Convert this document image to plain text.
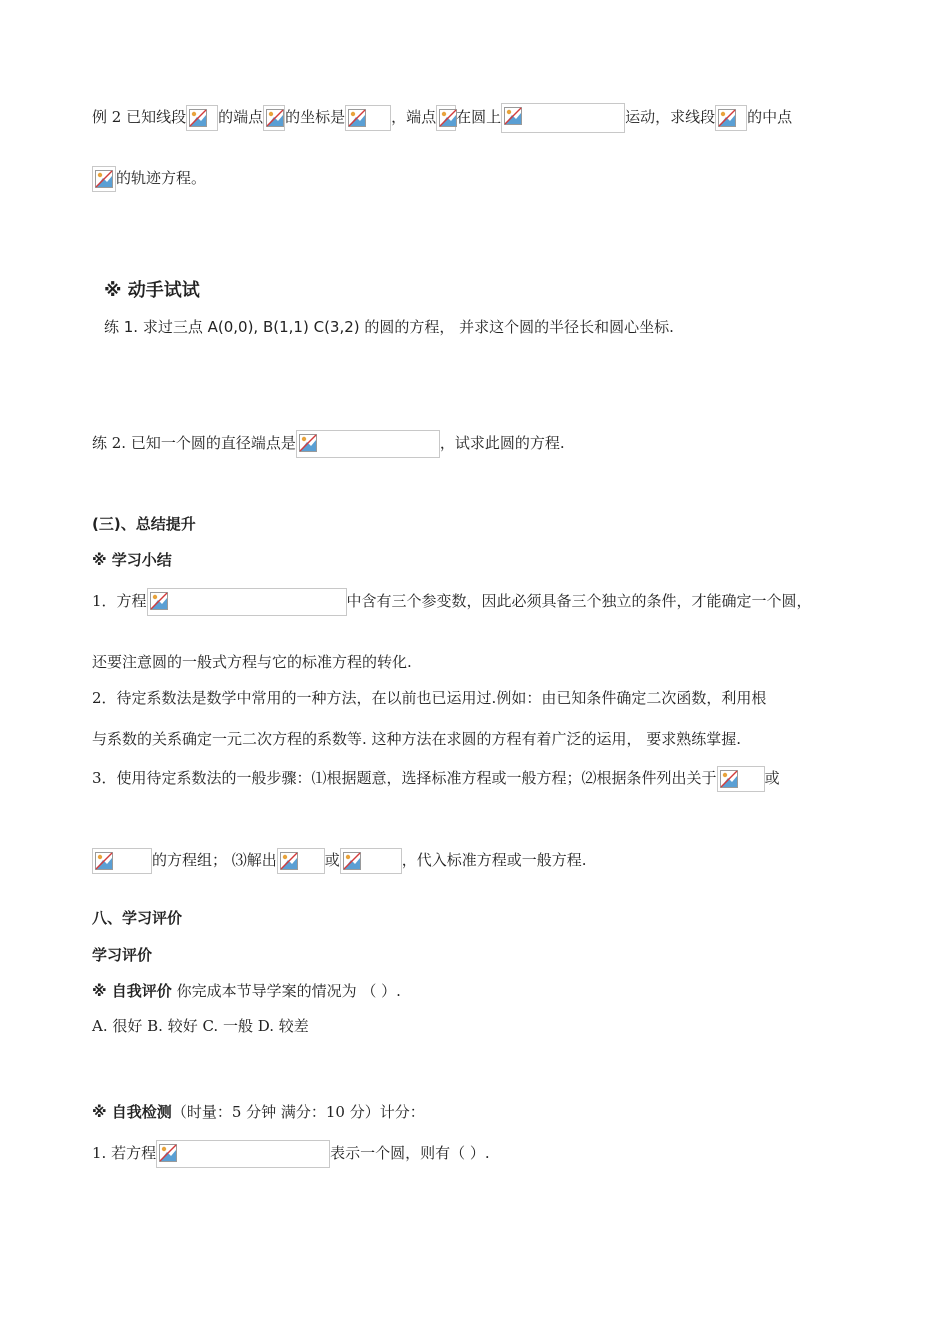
例 2 已知线段 的端点 的坐标是	，端点 在圆上	运动，求线段 的中点
的轨迹方程。
※ 动手试试
练 1. 求过三点 A(0,0), B(1,1) C(3,2) 的圆的方程， 并求这个圆的半径长和圆心坐标.
练 2. 已知一个圆的直径端点是	，试求此圆的方程.
(三)、总结提升
※ 学习小结
1．方程	中含有三个参变数，因此必须具备三个独立的条件，才能确定一个圆，
还要注意圆的一般式方程与它的标准方程的转化.
2．待定系数法是数学中常用的一种方法，在以前也已运用过.例如：由已知条件确定二次函数，利用根
与系数的关系确定一元二次方程的系数等. 这种方法在求圆的方程有着广泛的运用， 要求熟练掌握.
3．使用待定系数法的一般步骤：⑴根据题意，选择标准方程或一般方程；⑵根据条件列出关于	或
的方程组； ⑶解出	或	，代入标准方程或一般方程.
八、学习评价
学习评价
※ 自我评价 你完成本节导学案的情况为 （ ）.
A. 很好 B. 较好 C. 一般 D. 较差
※ 自我检测（时量：5 分钟 满分：10 分）计分：
1. 若方程	表示一个圆，则有（ ）.
